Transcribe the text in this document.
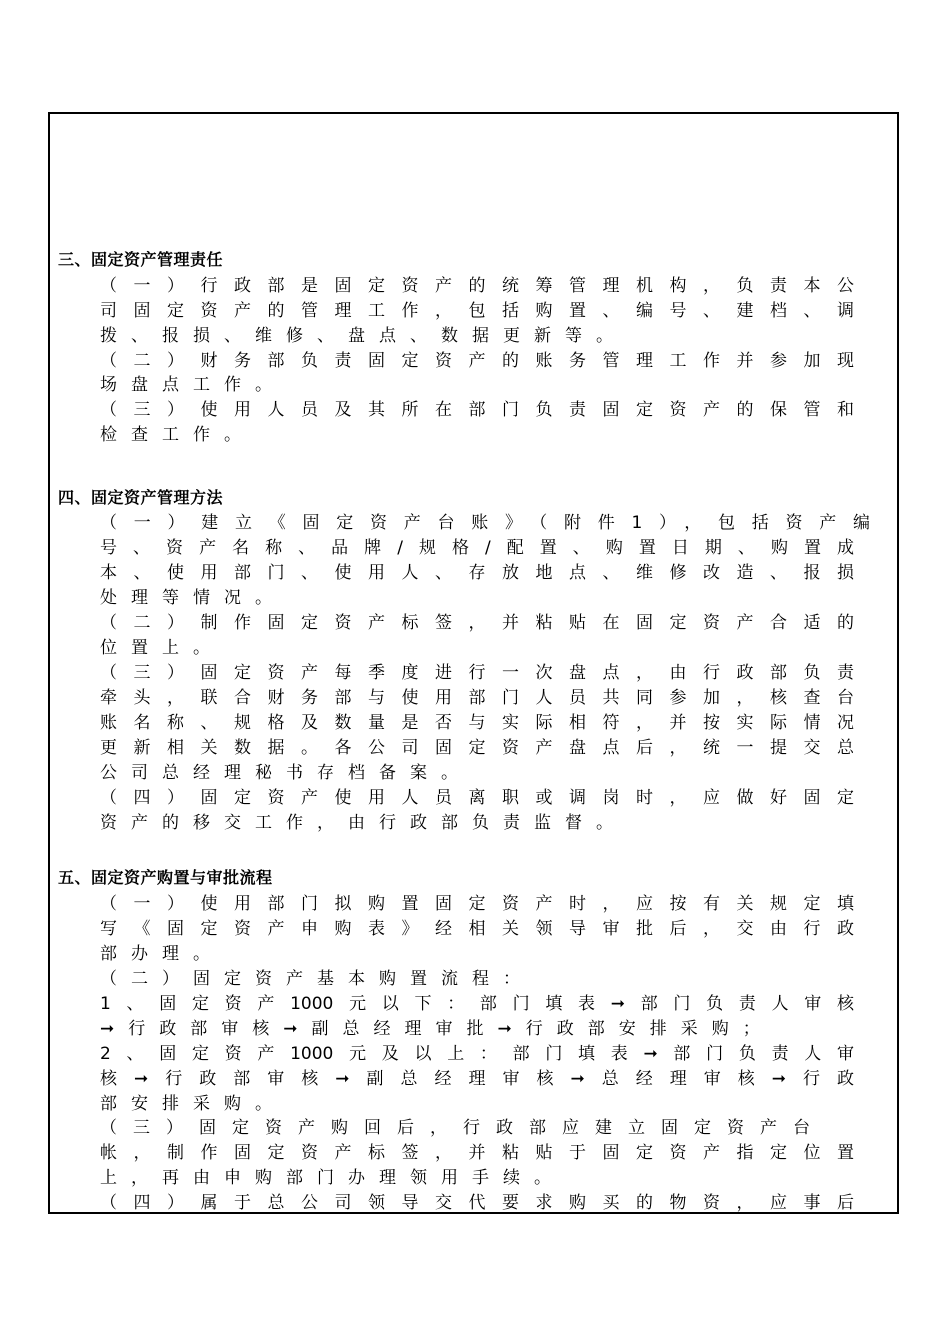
三、固定资产管理责任
（一）行政部是固定资产的统筹管理机构，负责本公
司固定资产的管理工作，包括购置、编号、建档、调
拨、报损、维修、盘点、数据更新等。
（二）财务部负责固定资产的账务管理工作并参加现
场盘点工作。
（三）使用人员及其所在部门负责固定资产的保管和
检查工作。
四、固定资产管理方法
（一）建立《固定资产台账》（附件1），包括资产编
号、资产名称、品牌/规格/配置、购置日期、购置成
本、使用部门、使用人、存放地点、维修改造、报损
处理等情况。
（二）制作固定资产标签，并粘贴在固定资产合适的
位置上。
（三）固定资产每季度进行一次盘点，由行政部负责
牵头，联合财务部与使用部门人员共同参加，核查台
账名称、规格及数量是否与实际相符，并按实际情况
更新相关数据。各公司固定资产盘点后，统一提交总
公司总经理秘书存档备案。
（四）固定资产使用人员离职或调岗时，应做好固定
资产的移交工作，由行政部负责监督。
五、固定资产购置与审批流程
（一）使用部门拟购置固定资产时，应按有关规定填
写《固定资产申购表》经相关领导审批后，交由行政
部办理。
（二）固定资产基本购置流程：
1、固定资产1000元以下：部门填表➞部门负责人审核
➞行政部审核➞副总经理审批➞行政部安排采购；
2、固定资产1000元及以上：部门填表➞部门负责人审
核➞行政部审核➞副总经理审核➞总经理审核➞行政
部安排采购。
（三）固定资产购回后，行政部应建立固定资产台
帐，制作固定资产标签，并粘贴于固定资产指定位置
上，再由申购部门办理领用手续。
（四）属于总公司领导交代要求购买的物资，应事后
